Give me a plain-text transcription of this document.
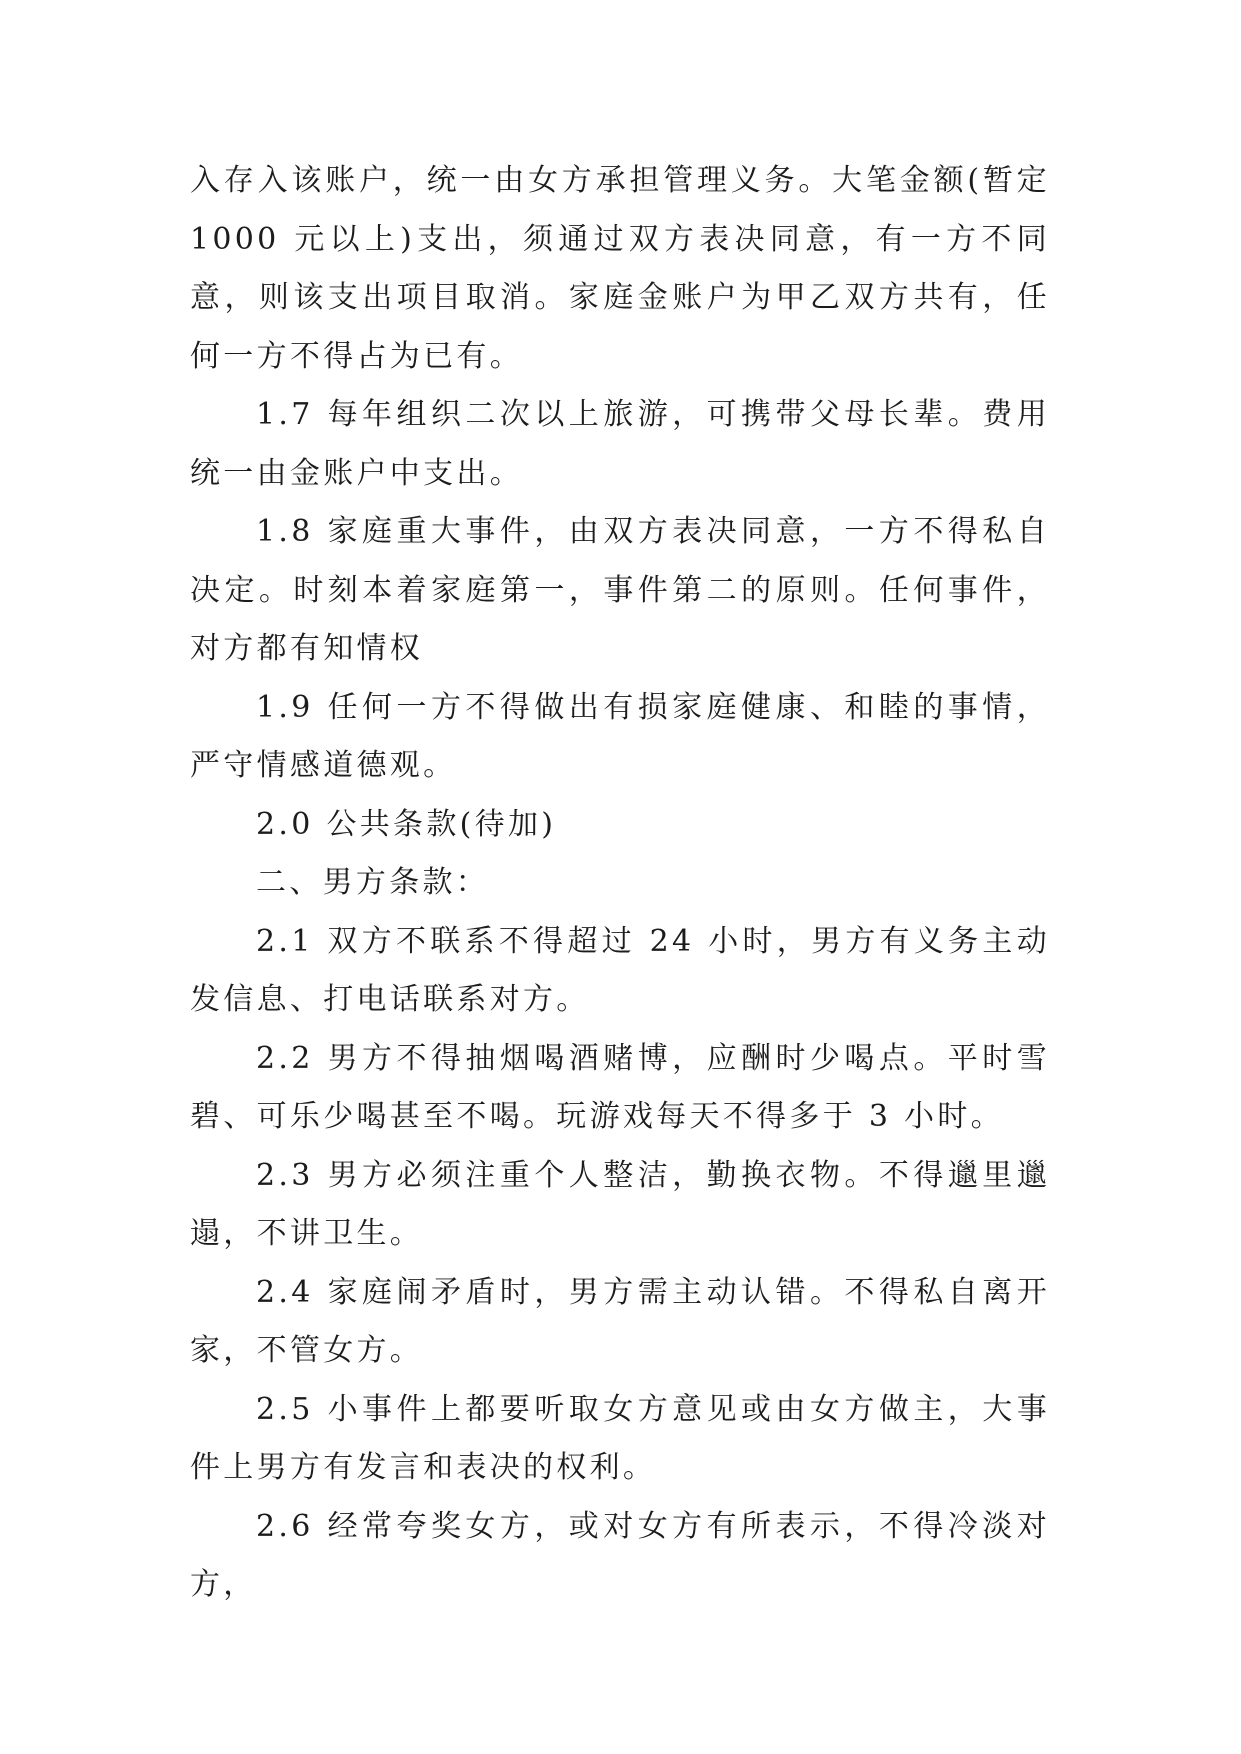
入存入该账户，统一由女方承担管理义务。大笔金额(暂定1000 元以上)支出，须通过双方表决同意，有一方不同意，则该支出项目取消。家庭金账户为甲乙双方共有，任何一方不得占为已有。

1.7 每年组织二次以上旅游，可携带父母长辈。费用统一由金账户中支出。

1.8 家庭重大事件，由双方表决同意，一方不得私自决定。时刻本着家庭第一，事件第二的原则。任何事件，对方都有知情权

1.9 任何一方不得做出有损家庭健康、和睦的事情，严守情感道德观。

2.0 公共条款(待加)

二、男方条款：

2.1 双方不联系不得超过 24 小时，男方有义务主动发信息、打电话联系对方。

2.2 男方不得抽烟喝酒赌博，应酬时少喝点。平时雪碧、可乐少喝甚至不喝。玩游戏每天不得多于 3 小时。

2.3 男方必须注重个人整洁，勤换衣物。不得邋里邋遢，不讲卫生。

2.4 家庭闹矛盾时，男方需主动认错。不得私自离开家，不管女方。

2.5 小事件上都要听取女方意见或由女方做主，大事件上男方有发言和表决的权利。

2.6 经常夸奖女方，或对女方有所表示，不得冷淡对方，
